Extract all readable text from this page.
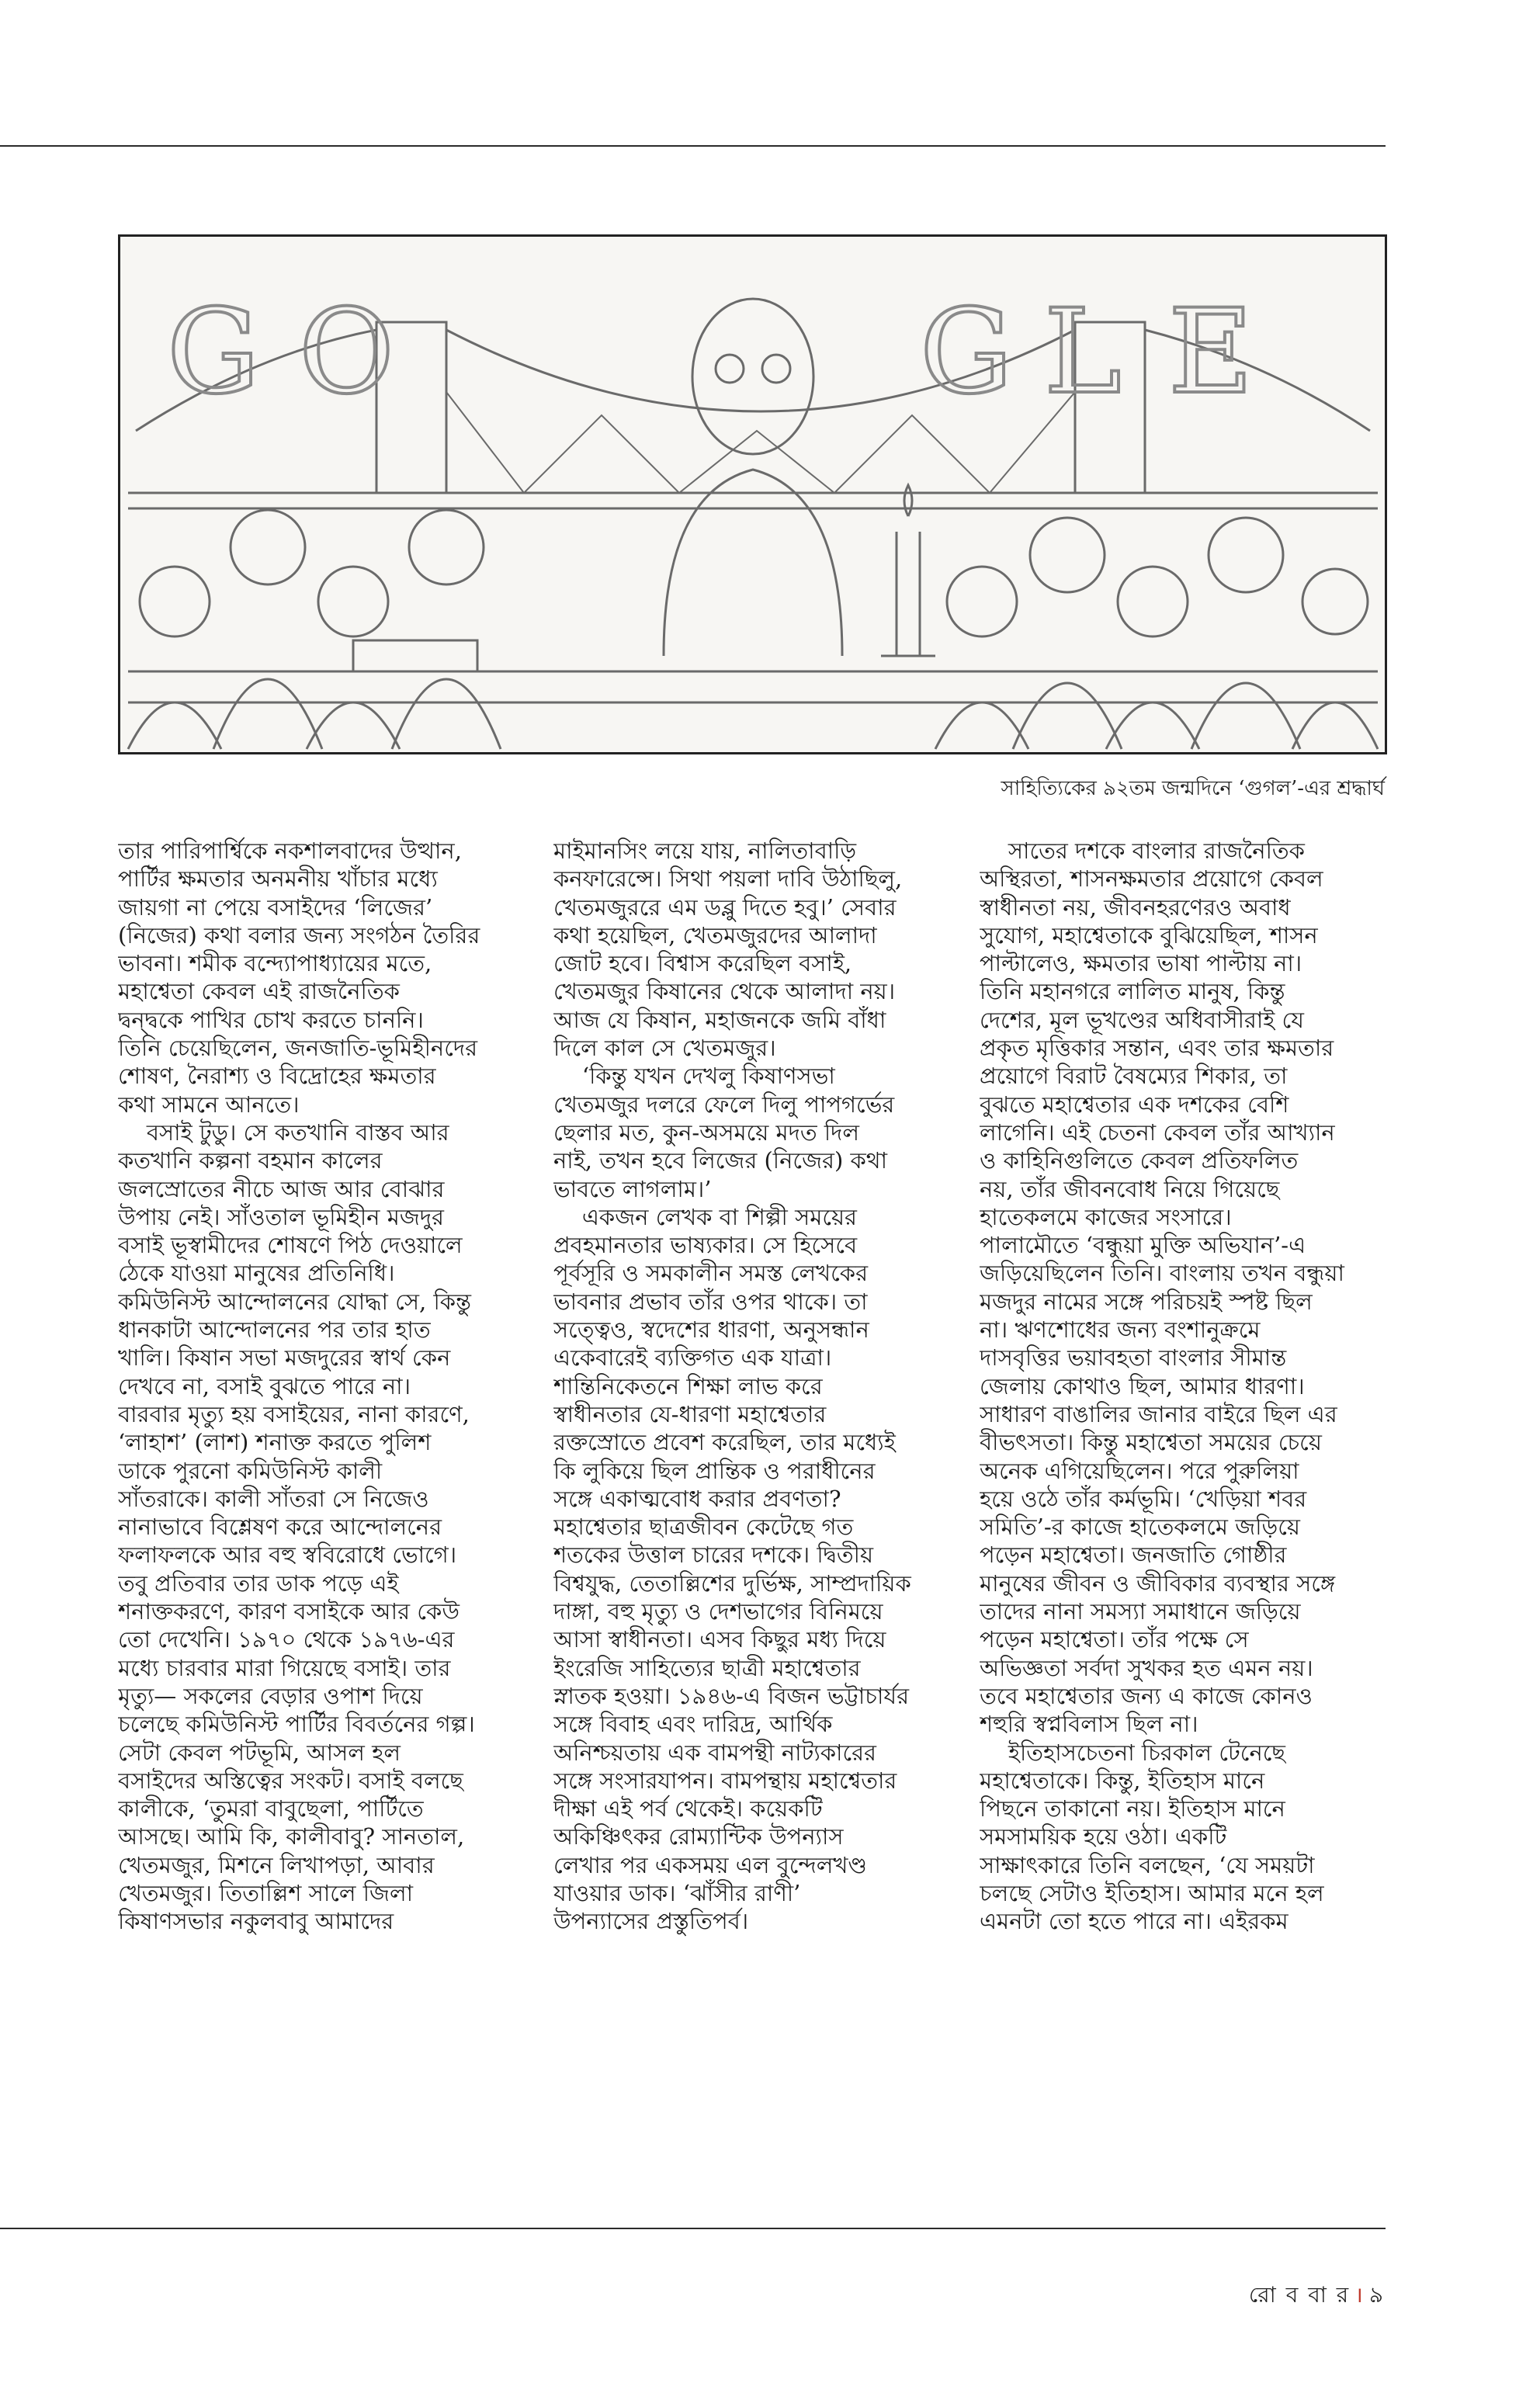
G O	G L E
সাহিত্যিকের ৯২তম জন্মদিনে ‘গুগল’-এর শ্রদ্ধার্ঘ

তার পারিপার্শ্বিকে নকশালবাদের উত্থান,
পার্টির ক্ষমতার অনমনীয় খাঁচার মধ্যে
জায়গা না পেয়ে বসাইদের ‘লিজের’
(নিজের) কথা বলার জন্য সংগঠন তৈরির
ভাবনা। শমীক বন্দ্যোপাধ্যায়ের মতে,
মহাশ্বেতা কেবল এই রাজনৈতিক
দ্বন্দ্বকে পাখির চোখ করতে চাননি।
তিনি চেয়েছিলেন, জনজাতি-ভূমিহীনদের
শোষণ, নৈরাশ্য ও বিদ্রোহের ক্ষমতার
কথা সামনে আনতে।

বসাই টুডু। সে কতখানি বাস্তব আর
কতখানি কল্পনা বহমান কালের
জলস্রোতের নীচে আজ আর বোঝার
উপায় নেই। সাঁওতাল ভূমিহীন মজদুর
বসাই ভূস্বামীদের শোষণে পিঠ দেওয়ালে
ঠেকে যাওয়া মানুষের প্রতিনিধি।
কমিউনিস্ট আন্দোলনের যোদ্ধা সে, কিন্তু
ধানকাটা আন্দোলনের পর তার হাত
খালি। কিষান সভা মজদুরের স্বার্থ কেন
দেখবে না, বসাই বুঝতে পারে না।
বারবার মৃত্যু হয় বসাইয়ের, নানা কারণে,
‘লাহাশ’ (লাশ) শনাক্ত করতে পুলিশ
ডাকে পুরনো কমিউনিস্ট কালী
সাঁতরাকে। কালী সাঁতরা সে নিজেও
নানাভাবে বিশ্লেষণ করে আন্দোলনের
ফলাফলকে আর বহু স্ববিরোধে ভোগে।
তবু প্রতিবার তার ডাক পড়ে এই
শনাক্তকরণে, কারণ বসাইকে আর কেউ
তো দেখেনি। ১৯৭০ থেকে ১৯৭৬-এর
মধ্যে চারবার মারা গিয়েছে বসাই। তার
মৃত্যু— সকলের বেড়ার ওপাশ দিয়ে
চলেছে কমিউনিস্ট পার্টির বিবর্তনের গল্প।
সেটা কেবল পটভূমি, আসল হল
বসাইদের অস্তিত্বের সংকট। বসাই বলছে
কালীকে, ‘তুমরা বাবুছেলা, পার্টিতে
আসছে। আমি কি, কালীবাবু? সানতাল,
খেতমজুর, মিশনে লিখাপড়া, আবার
খেতমজুর। তিতাল্লিশ সালে জিলা
কিষাণসভার নকুলবাবু আমাদের

মাইমানসিং লয়ে যায়, নালিতাবাড়ি
কনফারেন্সে। সিথা পয়লা দাবি উঠাছিলু,
খেতমজুররে এম ডব্লু দিতে হবু।’ সেবার
কথা হয়েছিল, খেতমজুরদের আলাদা
জোট হবে। বিশ্বাস করেছিল বসাই,
খেতমজুর কিষানের থেকে আলাদা নয়।
আজ যে কিষান, মহাজনকে জমি বাঁধা
দিলে কাল সে খেতমজুর।

‘কিন্তু যখন দেখলু কিষাণসভা
খেতমজুর দলরে ফেলে দিলু পাপগর্ভের
ছেলার মত, কুন-অসময়ে মদত দিল
নাই, তখন হবে লিজের (নিজের) কথা
ভাবতে লাগলাম।’

একজন লেখক বা শিল্পী সময়ের
প্রবহমানতার ভাষ্যকার। সে হিসেবে
পূর্বসূরি ও সমকালীন সমস্ত লেখকের
ভাবনার প্রভাব তাঁর ওপর থাকে। তা
সত্ত্বেও, স্বদেশের ধারণা, অনুসন্ধান
একেবারেই ব্যক্তিগত এক যাত্রা।
শান্তিনিকেতনে শিক্ষা লাভ করে
স্বাধীনতার যে-ধারণা মহাশ্বেতার
রক্তস্রোতে প্রবেশ করেছিল, তার মধ্যেই
কি লুকিয়ে ছিল প্রান্তিক ও পরাধীনের
সঙ্গে একাত্মবোধ করার প্রবণতা?
মহাশ্বেতার ছাত্রজীবন কেটেছে গত
শতকের উত্তাল চারের দশকে। দ্বিতীয়
বিশ্বযুদ্ধ, তেতাল্লিশের দুর্ভিক্ষ, সাম্প্রদায়িক
দাঙ্গা, বহু মৃত্যু ও দেশভাগের বিনিময়ে
আসা স্বাধীনতা। এসব কিছুর মধ্য দিয়ে
ইংরেজি সাহিত্যের ছাত্রী মহাশ্বেতার
স্নাতক হওয়া। ১৯৪৬-এ বিজন ভট্টাচার্যর
সঙ্গে বিবাহ এবং দারিদ্র, আর্থিক
অনিশ্চয়তায় এক বামপন্থী নাট্যকারের
সঙ্গে সংসারযাপন। বামপন্থায় মহাশ্বেতার
দীক্ষা এই পর্ব থেকেই। কয়েকটি
অকিঞ্চিৎকর রোম্যান্টিক উপন্যাস
লেখার পর একসময় এল বুন্দেলখণ্ড
যাওয়ার ডাক। ‘ঝাঁসীর রাণী’
উপন্যাসের প্রস্তুতিপর্ব।

সাতের দশকে বাংলার রাজনৈতিক
অস্থিরতা, শাসনক্ষমতার প্রয়োগে কেবল
স্বাধীনতা নয়, জীবনহরণেরও অবাধ
সুযোগ, মহাশ্বেতাকে বুঝিয়েছিল, শাসন
পাল্টালেও, ক্ষমতার ভাষা পাল্টায় না।
তিনি মহানগরে লালিত মানুষ, কিন্তু
দেশের, মূল ভূখণ্ডের অধিবাসীরাই যে
প্রকৃত মৃত্তিকার সন্তান, এবং তার ক্ষমতার
প্রয়োগে বিরাট বৈষম্যের শিকার, তা
বুঝতে মহাশ্বেতার এক দশকের বেশি
লাগেনি। এই চেতনা কেবল তাঁর আখ্যান
ও কাহিনিগুলিতে কেবল প্রতিফলিত
নয়, তাঁর জীবনবোধ নিয়ে গিয়েছে
হাতেকলমে কাজের সংসারে।
পালামৌতে ‘বন্ধুয়া মুক্তি অভিযান’-এ
জড়িয়েছিলেন তিনি। বাংলায় তখন বন্ধুয়া
মজদুর নামের সঙ্গে পরিচয়ই স্পষ্ট ছিল
না। ঋণশোধের জন্য বংশানুক্রমে
দাসবৃত্তির ভয়াবহতা বাংলার সীমান্ত
জেলায় কোথাও ছিল, আমার ধারণা।
সাধারণ বাঙালির জানার বাইরে ছিল এর
বীভৎসতা। কিন্তু মহাশ্বেতা সময়ের চেয়ে
অনেক এগিয়েছিলেন। পরে পুরুলিয়া
হয়ে ওঠে তাঁর কর্মভূমি। ‘খেড়িয়া শবর
সমিতি’-র কাজে হাতেকলমে জড়িয়ে
পড়েন মহাশ্বেতা। জনজাতি গোষ্ঠীর
মানুষের জীবন ও জীবিকার ব্যবস্থার সঙ্গে
তাদের নানা সমস্যা সমাধানে জড়িয়ে
পড়েন মহাশ্বেতা। তাঁর পক্ষে সে
অভিজ্ঞতা সর্বদা সুখকর হত এমন নয়।
তবে মহাশ্বেতার জন্য এ কাজে কোনও
শহুরি স্বপ্নবিলাস ছিল না।

ইতিহাসচেতনা চিরকাল টেনেছে
মহাশ্বেতাকে। কিন্তু, ইতিহাস মানে
পিছনে তাকানো নয়। ইতিহাস মানে
সমসাময়িক হয়ে ওঠা। একটি
সাক্ষাৎকারে তিনি বলছেন, ‘যে সময়টা
চলছে সেটাও ইতিহাস। আমার মনে হল
এমনটা তো হতে পারে না। এইরকম

রো ব বা র । ৯
